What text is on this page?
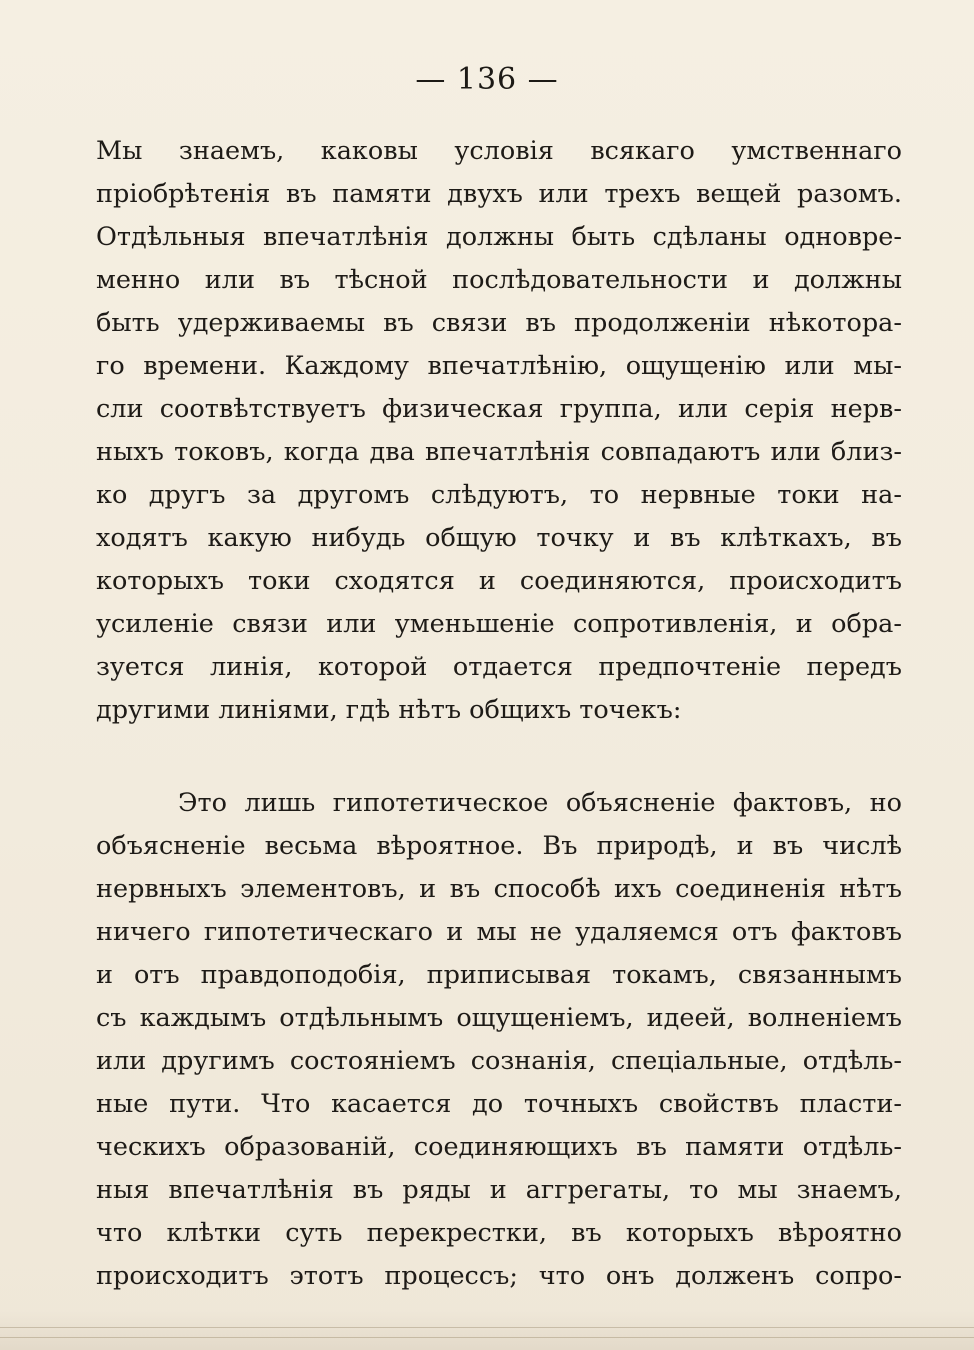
— 136 —
Мы знаемъ, каковы условія всякаго умственнаго
пріобрѣтенія въ памяти двухъ или трехъ вещей разомъ.
Отдѣльныя впечатлѣнія должны быть сдѣланы одновре-
менно или въ тѣсной послѣдовательности и должны
быть удерживаемы въ связи въ продолженіи нѣкотора-
го времени. Каждому впечатлѣнію, ощущенію или мы-
сли соотвѣтствуетъ физическая группа, или серія нерв-
ныхъ токовъ, когда два впечатлѣнія совпадаютъ или близ-
ко другъ за другомъ слѣдуютъ, то нервные токи на-
ходятъ какую нибудь общую точку и въ клѣткахъ, въ
которыхъ токи сходятся и соединяются, происходитъ
усиленіе связи или уменьшеніе сопротивленія, и обра-
зуется линія, которой отдается предпочтеніе передъ
другими линіями, гдѣ нѣтъ общихъ точекъ:
Это лишь гипотетическое объясненіе фактовъ, но
объясненіе весьма вѣроятное. Въ природѣ, и въ числѣ
нервныхъ элементовъ, и въ способѣ ихъ соединенія нѣтъ
ничего гипотетическаго и мы не удаляемся отъ фактовъ
и отъ правдоподобія, приписывая токамъ, связаннымъ
съ каждымъ отдѣльнымъ ощущеніемъ, идеей, волненіемъ
или другимъ состояніемъ сознанія, спеціальные, отдѣль-
ные пути. Что касается до точныхъ свойствъ пласти-
ческихъ образованій, соединяющихъ въ памяти отдѣль-
ныя впечатлѣнія въ ряды и аггрегаты, то мы знаемъ,
что клѣтки суть перекрестки, въ которыхъ вѣроятно
происходитъ этотъ процессъ; что онъ долженъ сопро-
